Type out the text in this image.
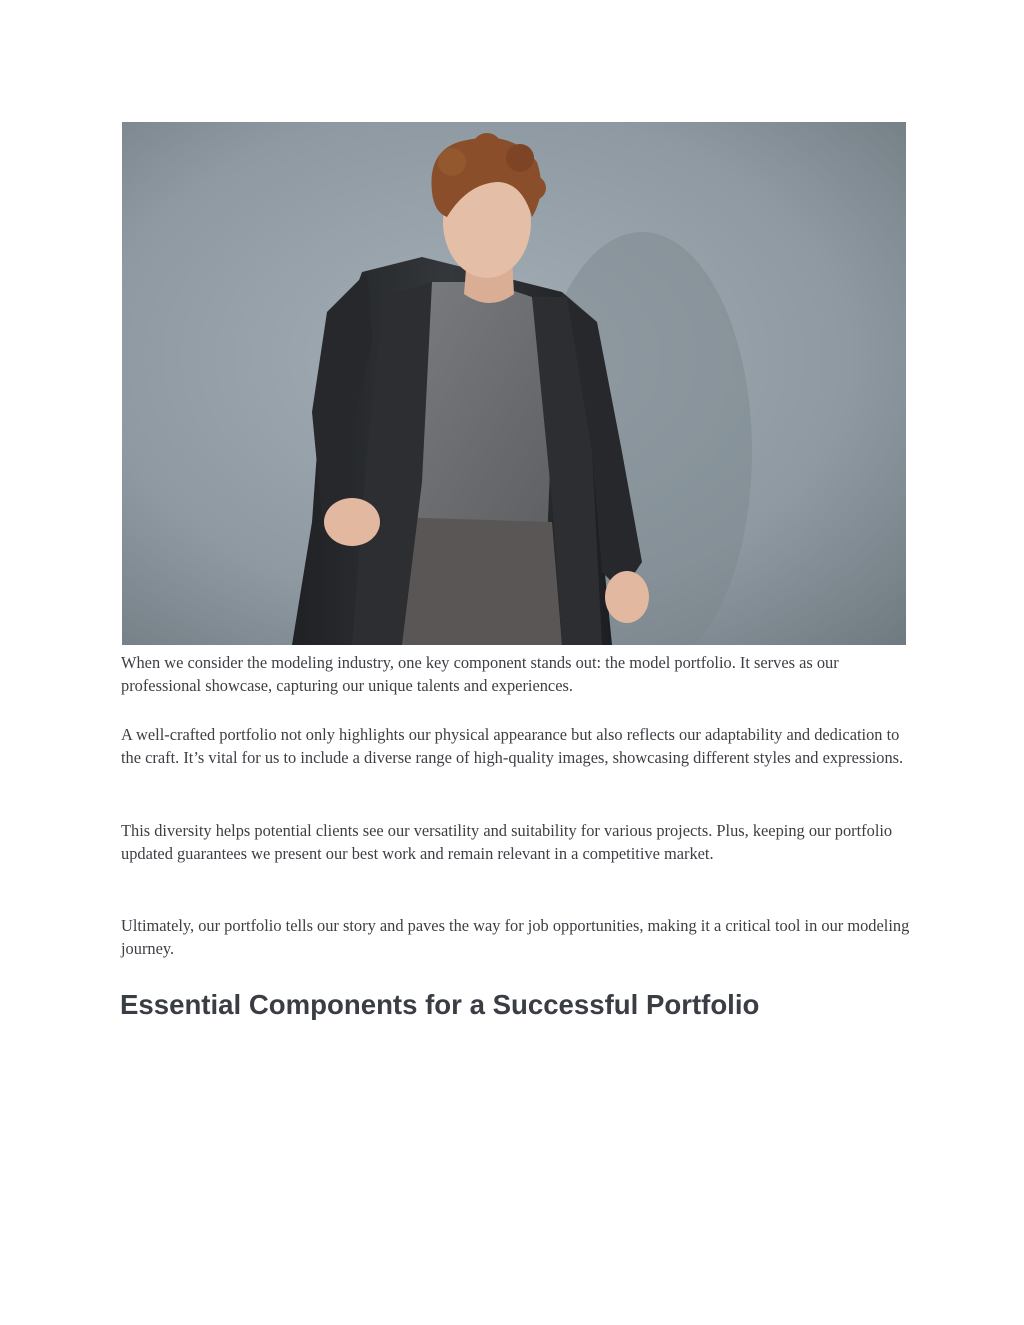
When we consider the modeling industry, one key component stands out: the model portfolio. It serves as our professional showcase, capturing our unique talents and experiences.

A well-crafted portfolio not only highlights our physical appearance but also reflects our adaptability and dedication to the craft. It’s vital for us to include a diverse range of high-quality images, showcasing different styles and expressions.

This diversity helps potential clients see our versatility and suitability for various projects. Plus, keeping our portfolio updated guarantees we present our best work and remain relevant in a competitive market.

Ultimately, our portfolio tells our story and paves the way for job opportunities, making it a critical tool in our modeling journey.

Essential Components for a Successful Portfolio
